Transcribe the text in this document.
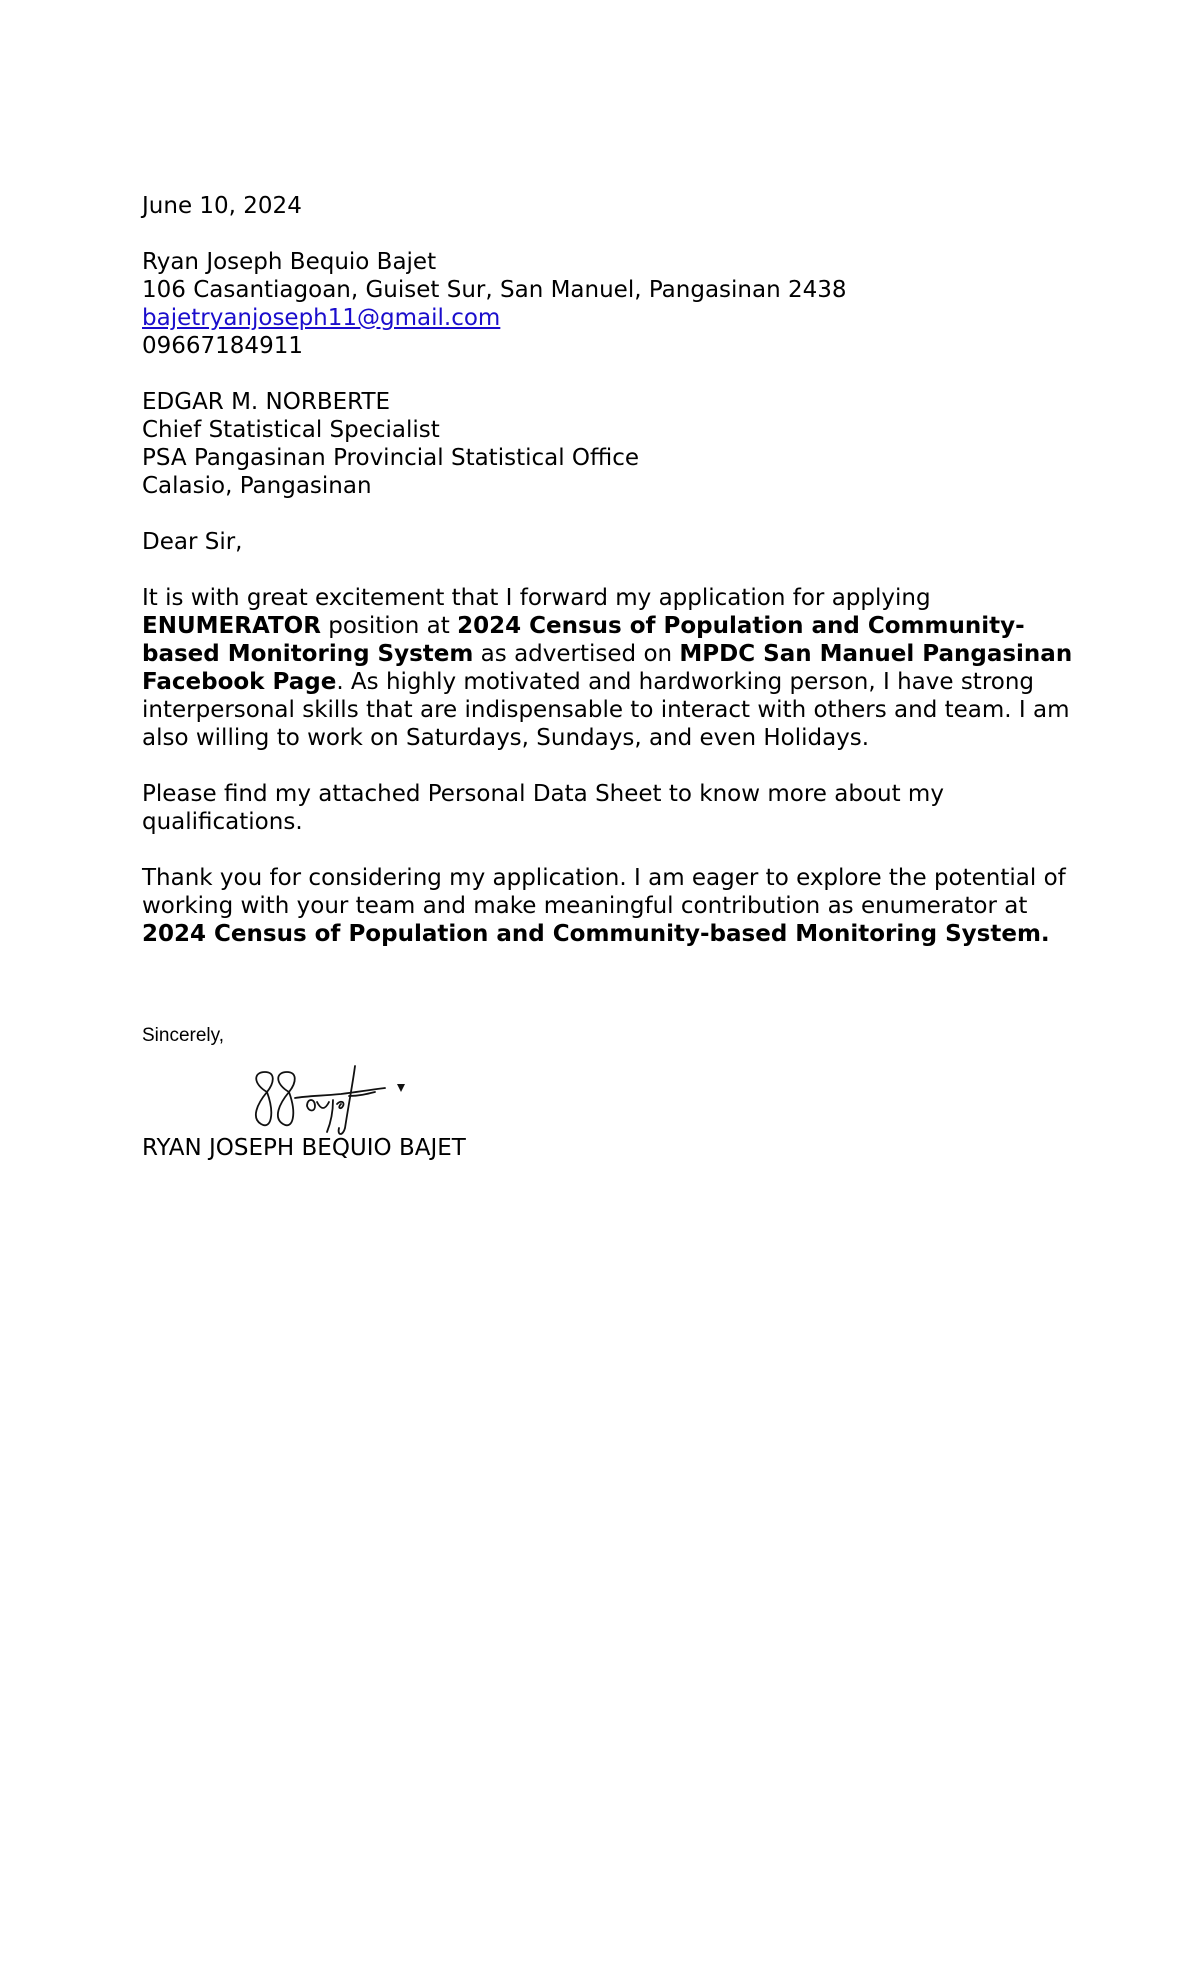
June 10, 2024
Ryan Joseph Bequio Bajet
106 Casantiagoan, Guiset Sur, San Manuel, Pangasinan 2438
bajetryanjoseph11@gmail.com
09667184911
EDGAR M. NORBERTE
Chief Statistical Specialist
PSA Pangasinan Provincial Statistical Office
Calasio, Pangasinan
Dear Sir,

It is with great excitement that I forward my application for applying ENUMERATOR position at 2024 Census of Population and Community-based Monitoring System as advertised on MPDC San Manuel Pangasinan Facebook Page. As highly motivated and hardworking person, I have strong interpersonal skills that are indispensable to interact with others and team. I am also willing to work on Saturdays, Sundays, and even Holidays.

Please find my attached Personal Data Sheet to know more about my qualifications.

Thank you for considering my application. I am eager to explore the potential of working with your team and make meaningful contribution as enumerator at 2024 Census of Population and Community-based Monitoring System.

Sincerely,
RYAN JOSEPH BEQUIO BAJET
